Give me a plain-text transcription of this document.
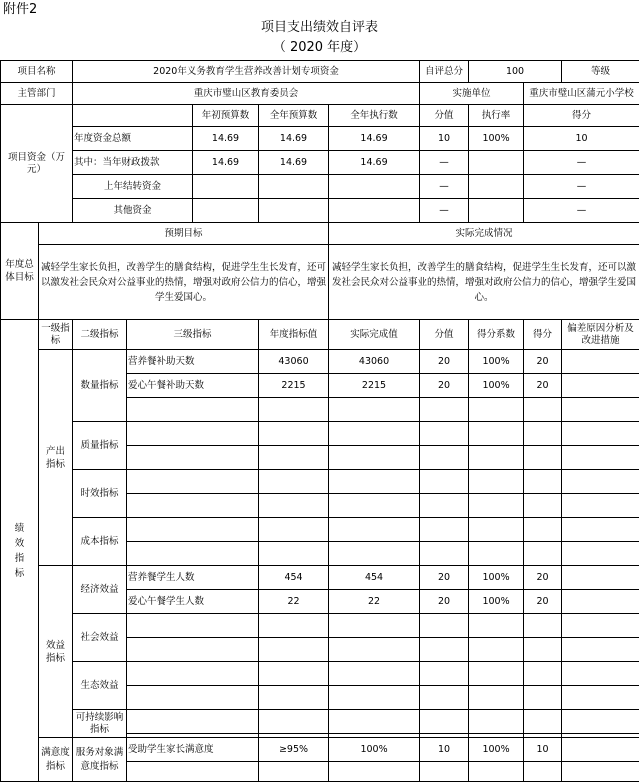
附件2
项目支出绩效自评表
（ 2020 年度）
项目名称		2020年义务教育学生营养改善计划专项资金					自评总分	100		等级
主管部门		重庆市璧山区教育委员会					实施单位		重庆市璧山区蒲元小学校	
项目资金（万元）				年初预算数	全年预算数	全年执行数	分值	执行率	得分	
		年度资金总额		14.69	14.69	14.69	10	100%	10	
		其中：当年财政拨款		14.69	14.69	14.69	—		—	
		上年结转资金					—		—	
		其他资金					—		—	
年度总体目标	预期目标					实际完成情况				
	减轻学生家长负担，改善学生的膳食结构，促进学生生长发育，还可以激发社会民众对公益事业的热情，增强对政府公信力的信心，增强学生爱国心。					减轻学生家长负担，改善学生的膳食结构，促进学生生长发育，还可以激发社会民众对公益事业的热情，增强对政府公信力的信心，增强学生爱国心。				
绩效指标	一级指标	二级指标	三级指标		年度指标值	实际完成值	分值	得分系数	得分	偏差原因分析及改进措施
	产出指标	数量指标	营养餐补助天数		43060	43060	20	100%	20	
			爱心午餐补助天数		2215	2215	20	100%	20	

		质量指标								

		时效指标								

		成本指标								

	效益指标	经济效益	营养餐学生人数		454	454	20	100%	20	
			爱心午餐学生人数		22	22	20	100%	20	
		社会效益								

		生态效益								

		可持续影响指标								

	满意度指标	服务对象满意度指标	受助学生家长满意度		≥95%	100%	10	100%	10	
